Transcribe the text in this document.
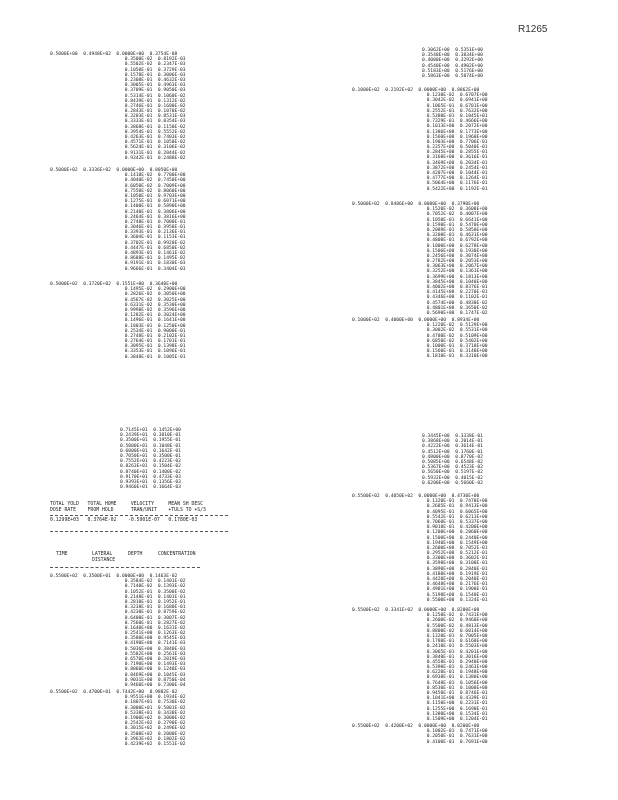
R1265
0.5000E+00  0.4948E+02 0.0000E+00  0.3754E-08
0.3500E-02  0.8192E-03
0.5502E-02  0.2347E-03
0.1050E-01  0.3729E-03
0.1578E-01  0.3006E-03
0.2308E-01  0.4632E-03
0.3005E-01  0.4963E-03
0.3709E-01  0.9050E-03
0.5314E-01  0.1060E-02
0.8439E-01  0.1312E-02
0.2746E-01  0.1600E-02
0.2843E-01  0.1070E-02
0.3203E-01  0.8531E-03
0.3333E-01  0.8354E-03
0.3868E-01  0.1150E-02
0.3954E-01  0.5552E-02
0.4263E-01  0.7403E-02
0.4571E-01  0.1050E-02
0.5624E-01  0.3106E-02
0.9131E-01  0.2044E-02
0.9342E-01  0.2488E-02
0.5000E+02  0.3336E+02 0.0000E+00  0.8050E+00
0.1410E-02  0.7700E+00
0.4040E-02  0.7450E+00
0.6050E-02  0.7009E+00
0.7550E-02  0.8060E+00
0.1050E-01  0.9703E+00
0.1275E-01  0.6071E+00
0.1400E-01  0.5890E+00
0.2140E-01  0.3806E+00
0.2464E-01  0.3816E+00
0.2748E-01  0.7000E-01
0.3046E-01  0.3958E-01
0.3393E-01  0.2136E-01
0.3604E-01  0.1153E-01
0.3702E-01  0.9920E-02
0.4447E-01  0.6850E-02
0.4893E-01  0.1461E-02
0.8688E-01  0.1495E-02
0.9191E-01  0.1830E-03
0.9666E-01  0.3404E-03
0.5000E+02  0.3720E+02 0.1551E+00  0.3640E+00
0.1495E-02  0.2900E+00
0.2826E-02  0.3050E+00
0.4567E-02  0.3025E+00
0.6331E-02  0.3530E+00
0.9998E-02  0.3596E+00
0.1282E-01  0.3024E+00
0.1496E-01  0.1641E+00
0.1803E-01  0.1250E+00
0.2534E-01  0.9000E-01
0.2748E-01  0.2102E-01
0.2764E-01  0.1701E-01
0.3095E-01  0.1398E-01
0.3353E-01  0.1096E-01
0.3848E-01  0.1005E-01
0.7145E+01  0.1452E+00
0.2439E+01  0.3810E-01
0.3500E+01  0.1955E-01
0.5000E+01  0.1048E-01
0.6000E+01  0.1642E-01
0.7050E+01  0.3500E-01
0.7552E+01  0.4223E-02
0.8263E+01  0.1504E-02
0.8740E+01  0.1400E-02
0.9170E+01  0.4733E-03
0.9393E+01  0.1356E-03
0.9460E+01  0.1664E-03
TOTAL YOLD   TOTAL HOME     VELOCITY     MEAN SH DESC
DOSE RATE    FROM HOLD      TRAN/UNIT    +TULS TO +S/3
0.1299E+03   0.3764E-02    -0.5901E-07   0.1780E-03
TIME	LATERAL
DISTANCE
DEPTH	CONCENTRATION
0.5500E+02  0.3500E+01 0.0000E+00  0.1463E-02
0.3584E-02  0.1401E-02
0.7140E-02  0.1393E-02
0.1052E-01  0.3500E-02
0.2148E-01  0.1401E-01
0.2810E-01  0.1952E-01
0.3238E-01  0.1680E-01
0.4230E-01  0.8759E-02
0.6400E-01  0.3007E-02
0.7560E-01  0.2827E-02
0.1640E+00  0.1631E-02
0.2541E+00  0.1263E-02
0.3580E+00  0.9545E-03
0.4190E+00  0.7141E-03
0.5036E+00  0.3840E-03
0.5582E+00  0.2561E-03
0.6570E+00  0.2019E-03
0.7190E+00  0.1493E-03
0.8060E+00  0.1248E-03
0.8469E+00  0.1045E-03
0.9031E+00  0.8750E-04
0.9460E+00  0.7300E-04
0.5500E+02  0.4700E+01 0.7442E+00  0.9882E-02
0.9551E+00  0.1934E-02
0.1807E+01  0.7530E-02
0.3000E+01  0.5001E-02
0.5338E+01  0.3438E-02
0.1900E+02  0.3000E-02
0.2542E+02  0.2790E-02
0.3015E+02  0.2496E-02
0.3500E+02  0.2000E-02
0.3963E+02  0.1802E-02
0.4239E+02  0.1551E-02
0.3062E+00  0.5351E+00
0.3540E+00  0.3834E+00
0.4000E+00  0.3292E+00
0.4540E+00  0.4902E+00
0.5183E+00  0.5176E+00
0.5863E+00  0.5874E+00
0.1000E+02  0.2192E+02 0.0000E+00  0.8862E+00
0.1230E-02  0.6707E+00
0.3042E-02  0.6941E+00
0.1065E-01  0.6701E+00
0.2552E-01  0.7632E+00
0.5380E-01  0.1045E+01
0.7329E-01  0.4666E+00
0.1013E+00  0.2072E+00
0.1386E+00  0.1773E+00
0.1560E+00  0.1960E+00
0.1903E+00  0.7706E-01
0.2357E+00  0.5040E-01
0.2845E+00  0.2855E-01
0.3168E+00  0.3616E-01
0.3469E+00  0.2034E-01
0.3872E+00  0.2454E-01
0.4207E+00  0.1044E-01
0.4777E+00  0.1264E-01
0.5064E+00  0.1176E-01
0.5422E+00  0.1192E-01
0.5000E+02  0.8486E+00 0.0000E+00  0.3790E+00
0.1520E-02  0.3608E+00
0.7052E-02  0.4007E+00
0.1050E-01  0.6641E+00
0.1590E-01  0.5470E+00
0.2089E-01  0.5850E+00
0.3200E-01  0.4631E+00
0.4808E-01  0.6792E+00
0.1000E+00  0.6278E+00
0.1506E+00  0.1930E+00
0.2456E+00  0.3074E+00
0.2782E+00  0.2053E+00
0.3063E+00  0.2067E+00
0.3252E+00  0.1361E+00
0.3699E+00  0.1813E+00
0.3845E+00  0.1040E+00
0.4002E+00  0.8376E-01
0.4145E+00  0.2270E-01
0.4346E+00  0.1102E-01
0.4574E+00  0.4830E-02
0.4801E+00  0.3650E-02
0.5690E+00  0.1747E-02
0.1000E+02  0.4000E+00 0.0000E+00  0.8934E+00
0.1220E-02  0.5129E+00
0.3002E-02  0.5531E+00
0.4780E-02  0.5109E+00
0.6850E-02  0.5402E+00
0.1000E-01  0.3718E+00
0.1560E-01  0.3140E+00
0.1810E-01  0.3310E+00
0.3445E+00  0.3338E-01
0.3868E+00  0.2014E-01
0.4222E+00  0.3614E-01
0.4512E+00  0.1760E-01
0.4800E+00  0.8770E-02
0.5085E+00  0.6548E-02
0.5367E+00  0.4523E-02
0.5650E+00  0.5197E-02
0.5932E+00  0.4015E-02
0.6200E+00  0.5660E-02
0.5500E+02  0.4050E+02 0.0000E+00  0.4730E+00
0.1320E-01  0.7478E+00
0.2685E-01  0.9413E+00
0.4095E-01  0.6065E+00
0.5542E-01  0.6213E+00
0.7060E-01  0.5337E+00
0.9018E-01  0.4200E+00
0.1200E+00  0.2860E+00
0.1500E+00  0.2440E+00
0.1940E+00  0.1549E+00
0.2600E+00  0.7052E-01
0.2952E+00  0.5212E-01
0.3300E+00  0.3602E-01
0.3598E+00  0.3100E-01
0.3890E+00  0.2840E-01
0.4180E+00  0.1919E-01
0.4420E+00  0.2040E-01
0.4648E+00  0.2176E-01
0.4901E+00  0.1900E-01
0.5198E+00  0.1540E-01
0.5500E+00  0.1324E-01
0.5500E+02  0.3341E+02 0.0000E+00  0.8200E+00
0.1250E-02  0.7431E+00
0.2600E-02  0.9460E+00
0.5500E-02  0.4813E+00
0.8800E-02  0.6014E+00
0.1320E-01  0.7005E+00
0.1780E-01  0.6160E+00
0.2410E-01  0.5503E+00
0.3065E-01  0.4201E+00
0.3840E-01  0.3016E+00
0.4558E-01  0.2940E+00
0.5390E-01  0.2463E+00
0.6220E-01  0.1948E+00
0.6938E-01  0.1380E+00
0.7648E-01  0.1056E+00
0.8530E-01  0.1000E+00
0.9450E-01  0.8746E-01
0.1041E+00  0.4339E-01
0.1150E+00  0.2231E-01
0.1255E+00  0.1690E-01
0.1380E+00  0.1534E-01
0.1509E+00  0.1204E-01
0.5500E+02  0.4200E+02 0.0000E+00  0.8200E+00
0.1002E-01  0.7471E+00
0.2050E-01  0.7631E+00
0.4100E-01  0.7691E+00
